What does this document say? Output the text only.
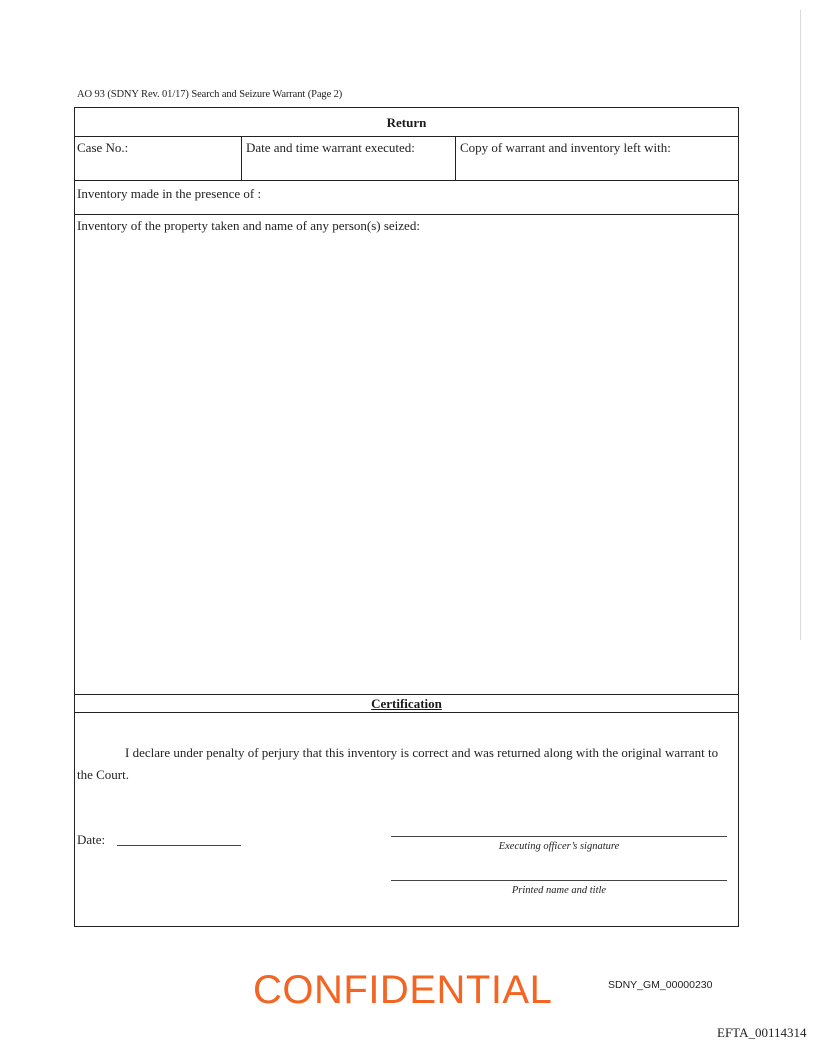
AO 93 (SDNY Rev. 01/17) Search and Seizure Warrant (Page 2)
Return
Case No.:	Date and time warrant executed:	Copy of warrant and inventory left with:
Inventory made in the presence of :
Inventory of the property taken and name of any person(s) seized:
Certification
I declare under penalty of perjury that this inventory is correct and was returned along with the original warrant to the Court.
Date:	Executing officer’s signature
Printed name and title
CONFIDENTIAL	SDNY_GM_00000230
EFTA_00114314
